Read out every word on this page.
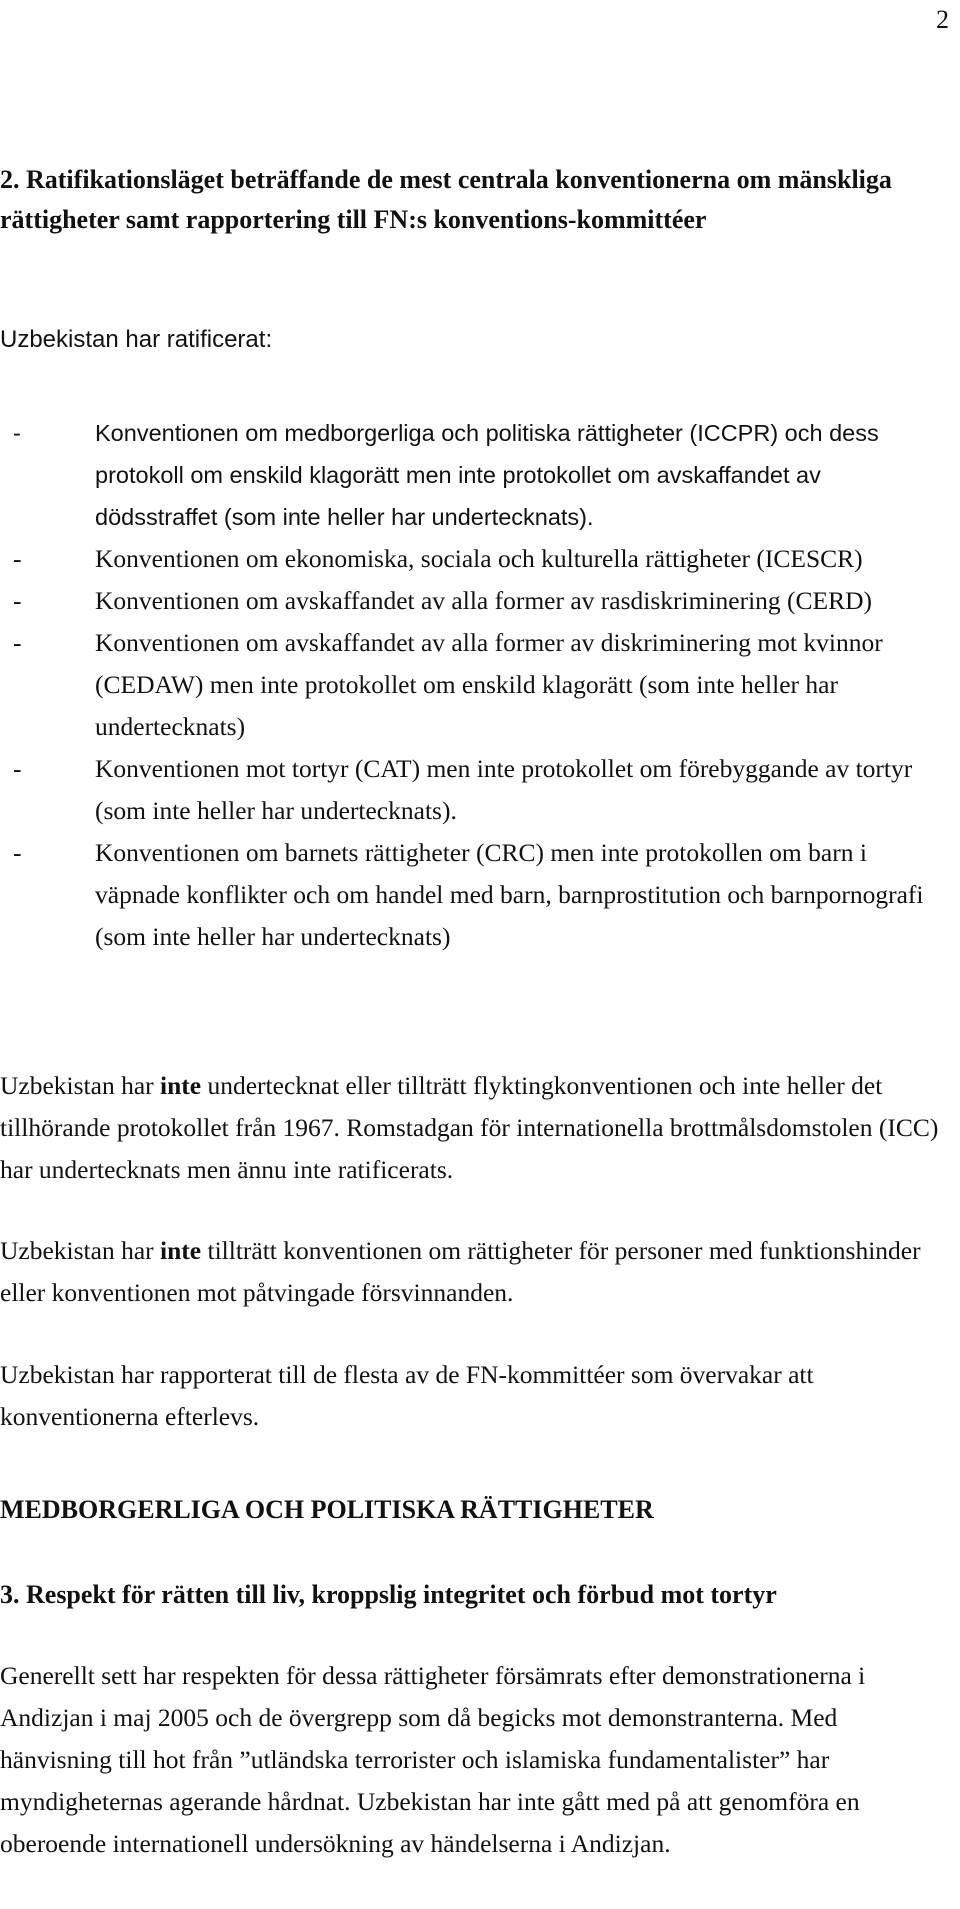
2
2. Ratifikationsläget beträffande de mest centrala konventionerna om mänskliga rättigheter samt rapportering till FN:s konventions-kommittéer

Uzbekistan har ratificerat:

-	Konventionen om medborgerliga och politiska rättigheter (ICCPR) och dess protokoll om enskild klagorätt men inte protokollet om avskaffandet av dödsstraffet (som inte heller har undertecknats).
-	Konventionen om ekonomiska, sociala och kulturella rättigheter (ICESCR)
-	Konventionen om avskaffandet av alla former av rasdiskriminering (CERD)
-	Konventionen om avskaffandet av alla former av diskriminering mot kvinnor (CEDAW) men inte protokollet om enskild klagorätt (som inte heller har undertecknats)
-	Konventionen mot tortyr (CAT) men inte protokollet om förebyggande av tortyr (som inte heller har undertecknats).
-	Konventionen om barnets rättigheter (CRC) men inte protokollen om barn i väpnade konflikter och om handel med barn, barnprostitution och barnpornografi (som inte heller har undertecknats)

Uzbekistan har inte undertecknat eller tillträtt flyktingkonventionen och inte heller det tillhörande protokollet från 1967. Romstadgan för internationella brottmålsdomstolen (ICC) har undertecknats men ännu inte ratificerats.

Uzbekistan har inte tillträtt konventionen om rättigheter för personer med funktionshinder eller konventionen mot påtvingade försvinnanden.

Uzbekistan har rapporterat till de flesta av de FN-kommittéer som övervakar att konventionerna efterlevs.

MEDBORGERLIGA OCH POLITISKA RÄTTIGHETER
3. Respekt för rätten till liv, kroppslig integritet och förbud mot tortyr

Generellt sett har respekten för dessa rättigheter försämrats efter demonstrationerna i Andizjan i maj 2005 och de övergrepp som då begicks mot demonstranterna. Med hänvisning till hot från ”utländska terrorister och islamiska fundamentalister” har myndigheternas agerande hårdnat. Uzbekistan har inte gått med på att genomföra en oberoende internationell undersökning av händelserna i Andizjan.
